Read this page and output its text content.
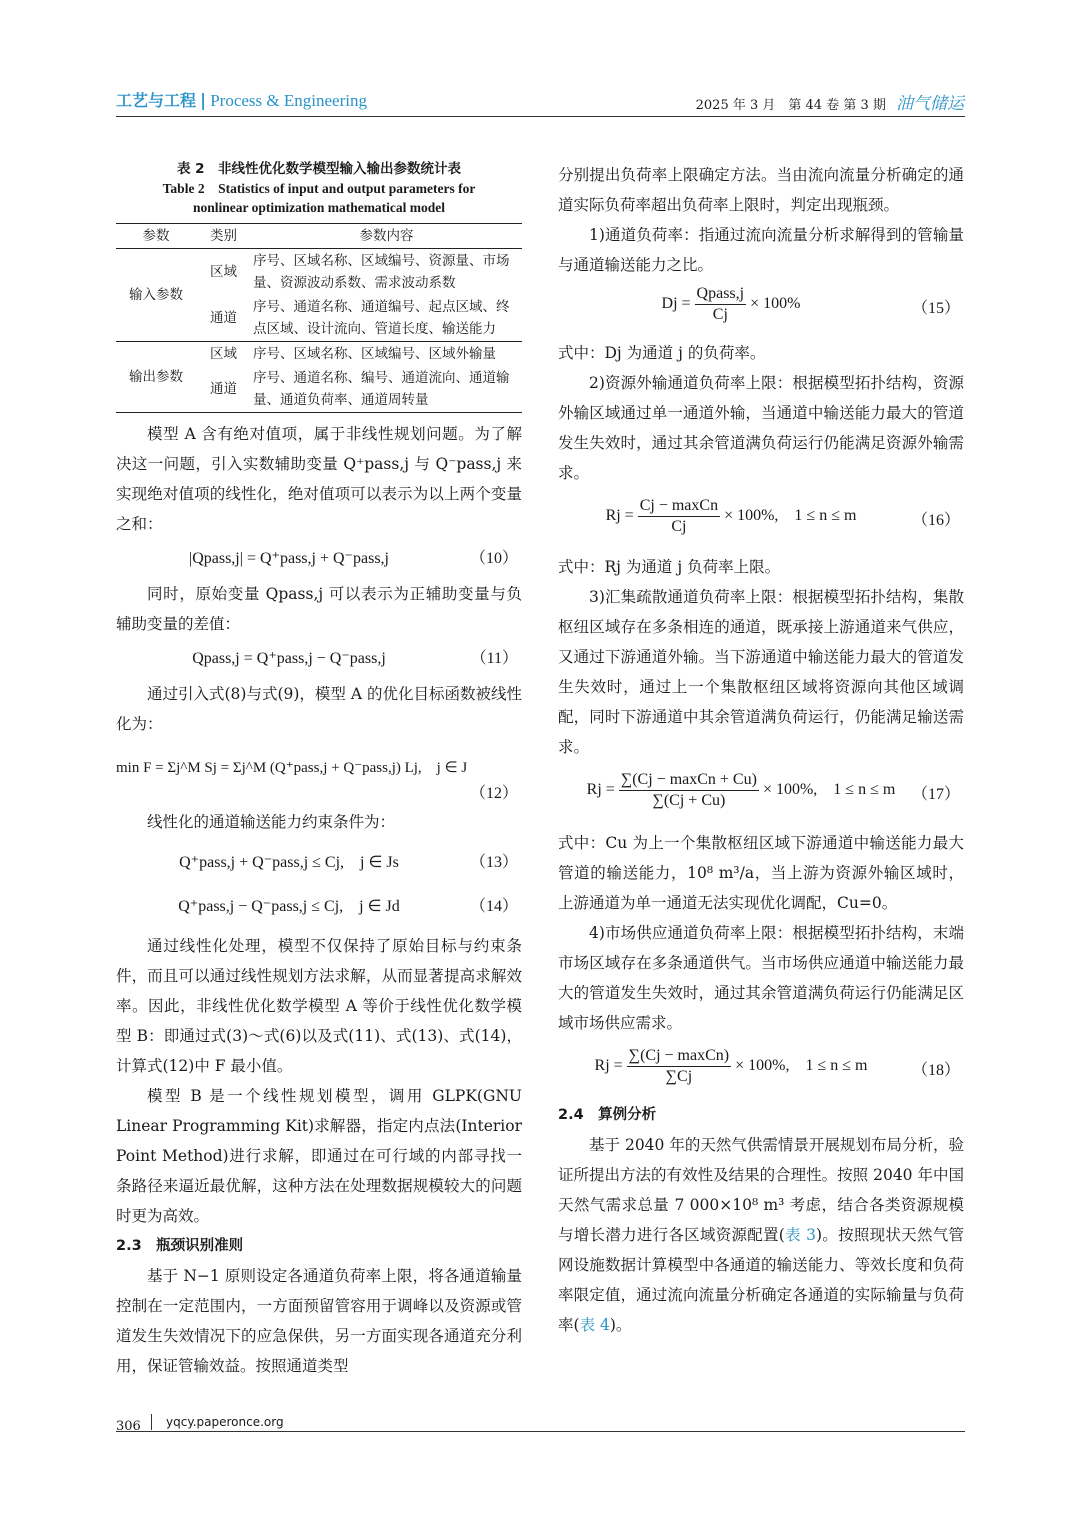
工艺与工程 | Process & Engineering	2025 年 3 月　第 44 卷 第 3 期 油气储运
表 2　非线性优化数学模型输入输出参数统计表
Table 2　Statistics of input and output parameters for
nonlinear optimization mathematical model
参数	类别	参数内容
输入参数	区域	序号、区域名称、区域编号、资源量、市场量、资源波动系数、需求波动系数
	通道	序号、通道名称、通道编号、起点区域、终点区域、设计流向、管道长度、输送能力
输出参数	区域	序号、区域名称、区域编号、区域外输量
	通道	序号、通道名称、编号、通道流向、通道输量、通道负荷率、通道周转量

模型 A 含有绝对值项，属于非线性规划问题。为了解决这一问题，引入实数辅助变量 Q⁺pass,j 与 Q⁻pass,j 来实现绝对值项的线性化，绝对值项可以表示为以上两个变量之和：

|Qpass,j| = Q⁺pass,j + Q⁻pass,j	（10）

同时，原始变量 Qpass,j 可以表示为正辅助变量与负辅助变量的差值：

Qpass,j = Q⁺pass,j − Q⁻pass,j	（11）

通过引入式(8)与式(9)，模型 A 的优化目标函数被线性化为：

min F = Σj^M Sj = Σj^M (Q⁺pass,j + Q⁻pass,j) Lj,　j ∈ J
（12）

线性化的通道输送能力约束条件为：

Q⁺pass,j + Q⁻pass,j ≤ Cj,　j ∈ Js	（13）
Q⁺pass,j − Q⁻pass,j ≤ Cj,　j ∈ Jd	（14）

通过线性化处理，模型不仅保持了原始目标与约束条件，而且可以通过线性规划方法求解，从而显著提高求解效率。因此，非线性优化数学模型 A 等价于线性优化数学模型 B：即通过式(3)～式(6)以及式(11)、式(13)、式(14)，计算式(12)中 F 最小值。

模型 B 是一个线性规划模型，调用 GLPK(GNU Linear Programming Kit)求解器，指定内点法(Interior Point Method)进行求解，即通过在可行域的内部寻找一条路径来逼近最优解，这种方法在处理数据规模较大的问题时更为高效。

2.3　瓶颈识别准则

基于 N−1 原则设定各通道负荷率上限，将各通道输量控制在一定范围内，一方面预留管容用于调峰以及资源或管道发生失效情况下的应急保供，另一方面实现各通道充分利用，保证管输效益。按照通道类型

分别提出负荷率上限确定方法。当由流向流量分析确定的通道实际负荷率超出负荷率上限时，判定出现瓶颈。

1)通道负荷率：指通过流向流量分析求解得到的管输量与通道输送能力之比。

$Dj = \frac{\text{Qpass,j}}{Cj} \times 100\%$	（15）

式中：Dj 为通道 j 的负荷率。

2)资源外输通道负荷率上限：根据模型拓扑结构，资源外输区域通过单一通道外输，当通道中输送能力最大的管道发生失效时，通过其余管道满负荷运行仍能满足资源外输需求。

$Rj = \frac{\text{Cj − maxCn}}{Cj} \times 100\%$,　1 ≤ n ≤ m	（16）

式中：Rj 为通道 j 负荷率上限。

3)汇集疏散通道负荷率上限：根据模型拓扑结构，集散枢纽区域存在多条相连的通道，既承接上游通道来气供应，又通过下游通道外输。当下游通道中输送能力最大的管道发生失效时，通过上一个集散枢纽区域将资源向其他区域调配，同时下游通道中其余管道满负荷运行，仍能满足输送需求。

$Rj = \frac{\text{∑(Cj − maxCn + Cu)}}{\sum(Cj + Cu)} \times 100\%$,　1 ≤ n ≤ m	（17）

式中：Cu 为上一个集散枢纽区域下游通道中输送能力最大管道的输送能力，10⁸ m³/a，当上游为资源外输区域时，上游通道为单一通道无法实现优化调配，Cu=0。

4)市场供应通道负荷率上限：根据模型拓扑结构，末端市场区域存在多条通道供气。当市场供应通道中输送能力最大的管道发生失效时，通过其余管道满负荷运行仍能满足区域市场供应需求。

$Rj = \frac{\text{∑(Cj − maxCn)}}{\sum Cj} \times 100\%$,　1 ≤ n ≤ m	（18）

2.4　算例分析

基于 2040 年的天然气供需情景开展规划布局分析，验证所提出方法的有效性及结果的合理性。按照 2040 年中国天然气需求总量 7 000×10⁸ m³ 考虑，结合各类资源规模与增长潜力进行各区域资源配置(表 3)。按照现状天然气管网设施数据计算模型中各通道的输送能力、等效长度和负荷率限定值，通过流向流量分析确定各通道的实际输量与负荷率(表 4)。

306 yqcy.paperonce.org
